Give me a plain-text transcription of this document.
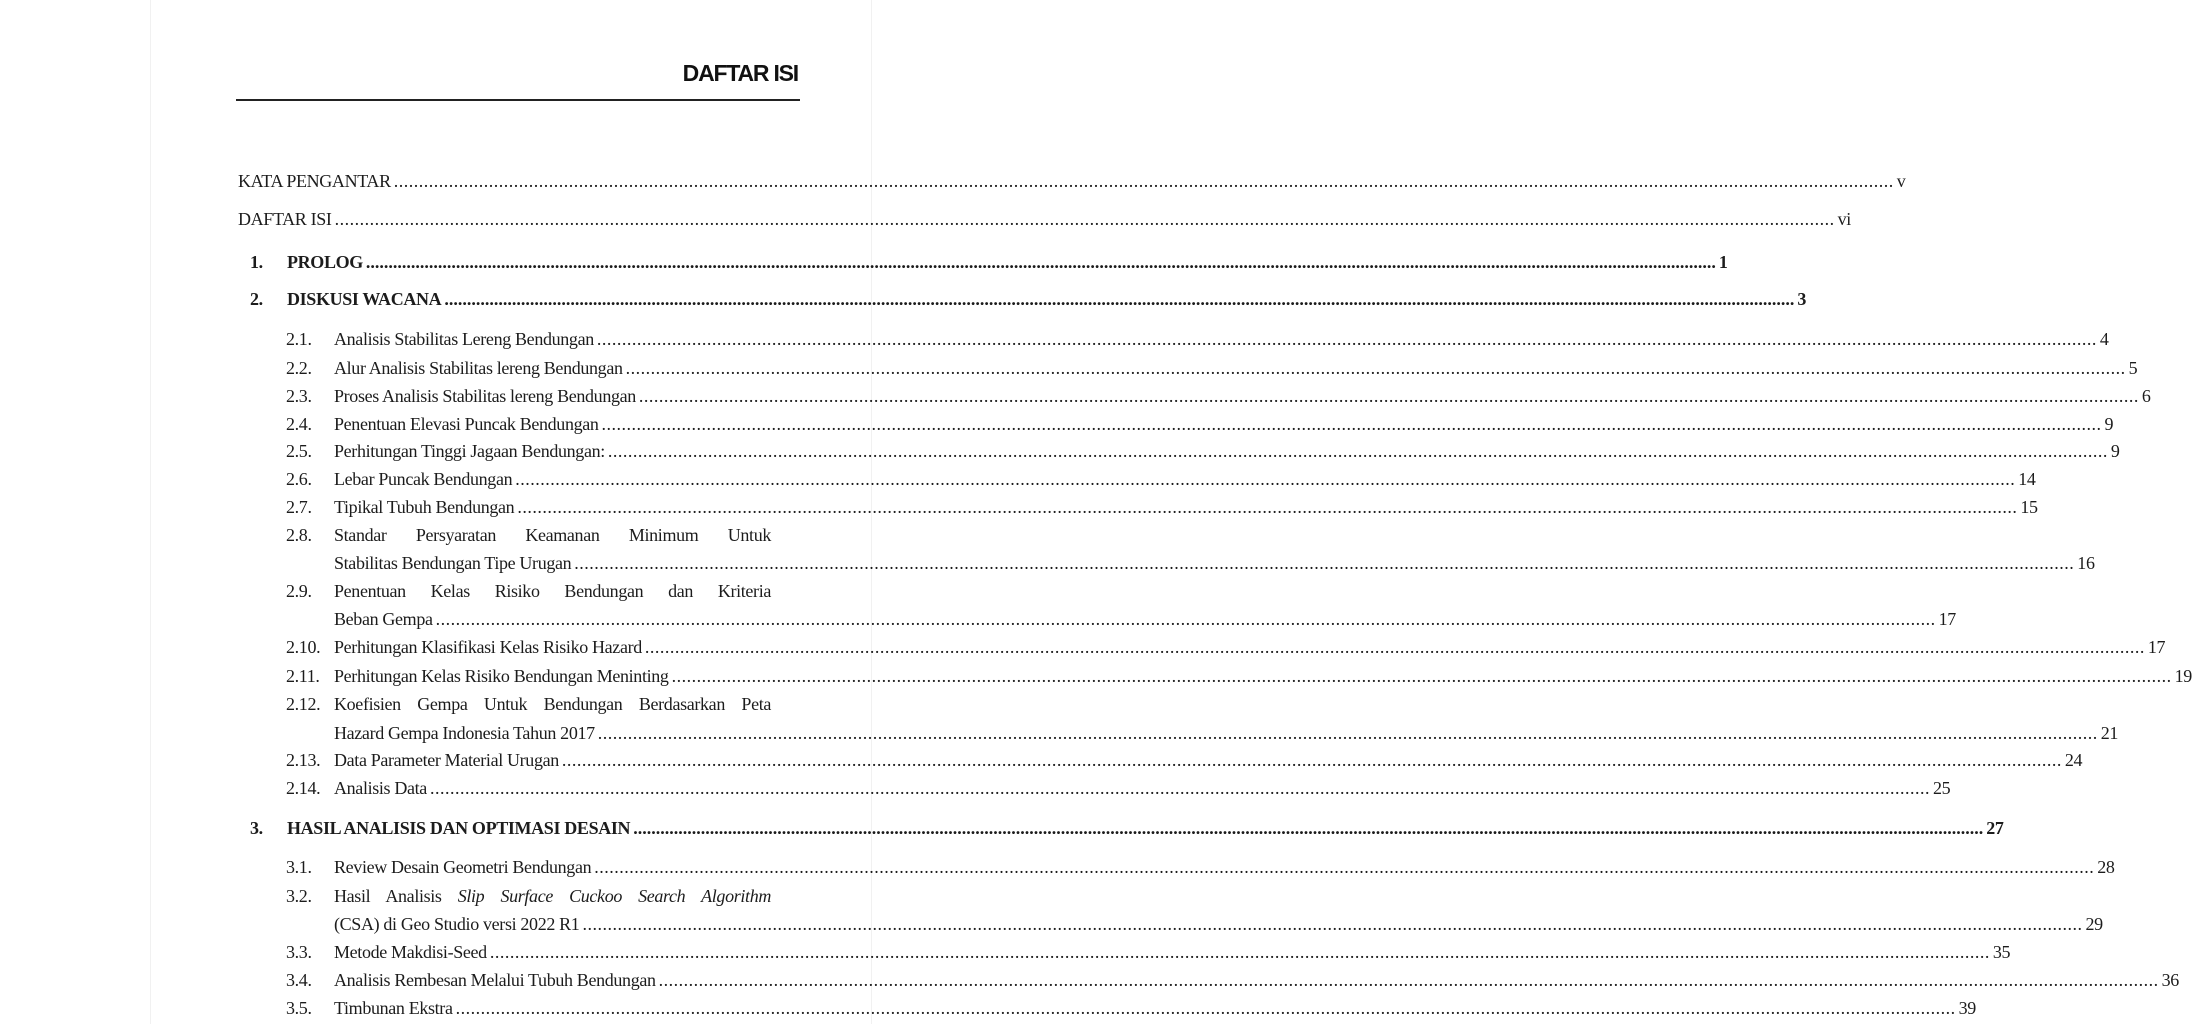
DAFTAR ISI
KATA PENGANTAR ............................................................................................................................................................................................................................................................................................................ v
DAFTAR ISI ............................................................................................................................................................................................................................................................................................................ vi
1. PROLOG ............................................................................................................................................................................................................................................................................................................ 1
2. DISKUSI WACANA ............................................................................................................................................................................................................................................................................................................ 3
2.1. Analisis Stabilitas Lereng Bendungan ............................................................................................................................................................................................................................................................................................................ 4
2.2. Alur Analisis Stabilitas lereng Bendungan ............................................................................................................................................................................................................................................................................................................ 5
2.3. Proses Analisis Stabilitas lereng Bendungan ............................................................................................................................................................................................................................................................................................................ 6
2.4. Penentuan Elevasi Puncak Bendungan ............................................................................................................................................................................................................................................................................................................ 9
2.5. Perhitungan Tinggi Jagaan Bendungan: ............................................................................................................................................................................................................................................................................................................ 9
2.6. Lebar Puncak Bendungan ............................................................................................................................................................................................................................................................................................................ 14
2.7. Tipikal Tubuh Bendungan ............................................................................................................................................................................................................................................................................................................ 15
2.8. Standar Persyaratan Keamanan Minimum Untuk
Stabilitas Bendungan Tipe Urugan ............................................................................................................................................................................................................................................................................................................ 16
2.9. Penentuan Kelas Risiko Bendungan dan Kriteria
Beban Gempa ............................................................................................................................................................................................................................................................................................................ 17
2.10. Perhitungan Klasifikasi Kelas Risiko Hazard ............................................................................................................................................................................................................................................................................................................ 17
2.11. Perhitungan Kelas Risiko Bendungan Meninting ............................................................................................................................................................................................................................................................................................................ 19
2.12. Koefisien Gempa Untuk Bendungan Berdasarkan Peta
Hazard Gempa Indonesia Tahun 2017 ............................................................................................................................................................................................................................................................................................................ 21
2.13. Data Parameter Material Urugan ............................................................................................................................................................................................................................................................................................................ 24
2.14. Analisis Data ............................................................................................................................................................................................................................................................................................................ 25
3. HASIL ANALISIS DAN OPTIMASI DESAIN ............................................................................................................................................................................................................................................................................................................ 27
3.1. Review Desain Geometri Bendungan ............................................................................................................................................................................................................................................................................................................ 28
3.2. Hasil Analisis Slip Surface Cuckoo Search Algorithm
(CSA) di Geo Studio versi 2022 R1 ............................................................................................................................................................................................................................................................................................................ 29
3.3. Metode Makdisi-Seed ............................................................................................................................................................................................................................................................................................................ 35
3.4. Analisis Rembesan Melalui Tubuh Bendungan ............................................................................................................................................................................................................................................................................................................ 36
3.5. Timbunan Ekstra ............................................................................................................................................................................................................................................................................................................ 39
